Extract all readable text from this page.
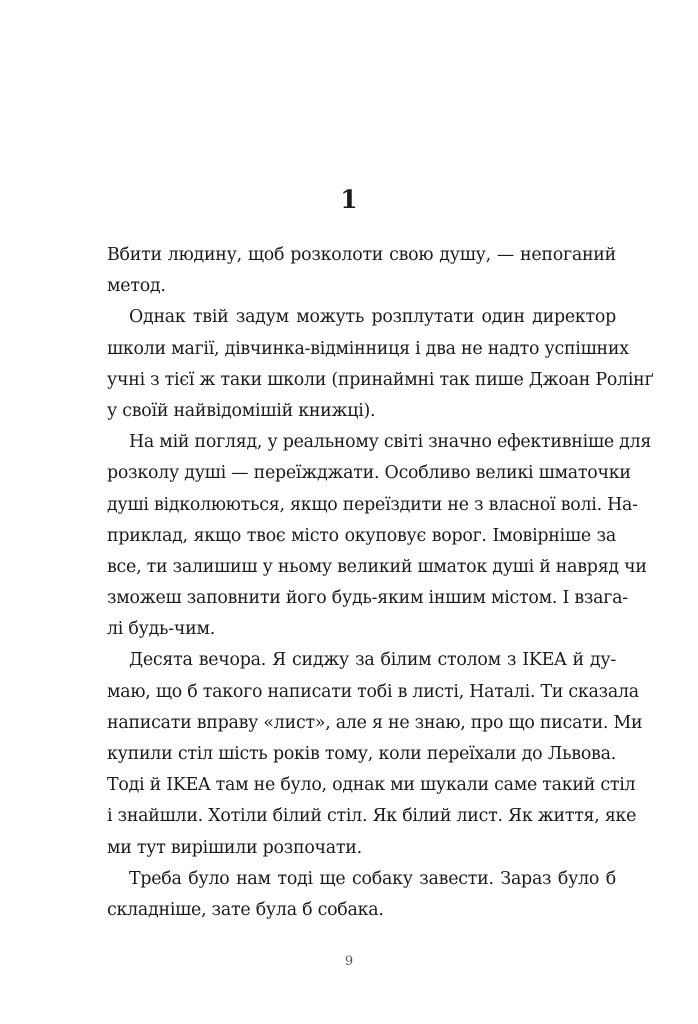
1
Вбити людину, щоб розколоти свою душу, — непоганий
метод.
Однак твій задум можуть розплутати один директор
школи магії, дівчинка-відмінниця і два не надто успішних
учні з тієї ж таки школи (принаймні так пише Джоан Ролінґ
у своїй найвідомішій книжці).
На мій погляд, у реальному світі значно ефективніше для
розколу душі — переїжджати. Особливо великі шматочки
душі відколюються, якщо переїздити не з власної волі. На-
приклад, якщо твоє місто окуповує ворог. Імовірніше за
все, ти залишиш у ньому великий шматок душі й навряд чи
зможеш заповнити його будь-яким іншим містом. І взага-
лі будь-чим.
Десята вечора. Я сиджу за білим столом з IKEA й ду-
маю, що б такого написати тобі в листі, Наталі. Ти сказала
написати вправу «лист», але я не знаю, про що писати. Ми
купили стіл шість років тому, коли переїхали до Львова.
Тоді й IKEA там не було, однак ми шукали саме такий стіл
і знайшли. Хотіли білий стіл. Як білий лист. Як життя, яке
ми тут вирішили розпочати.
Треба було нам тоді ще собаку завести. Зараз було б
складніше, зате була б собака.
9
